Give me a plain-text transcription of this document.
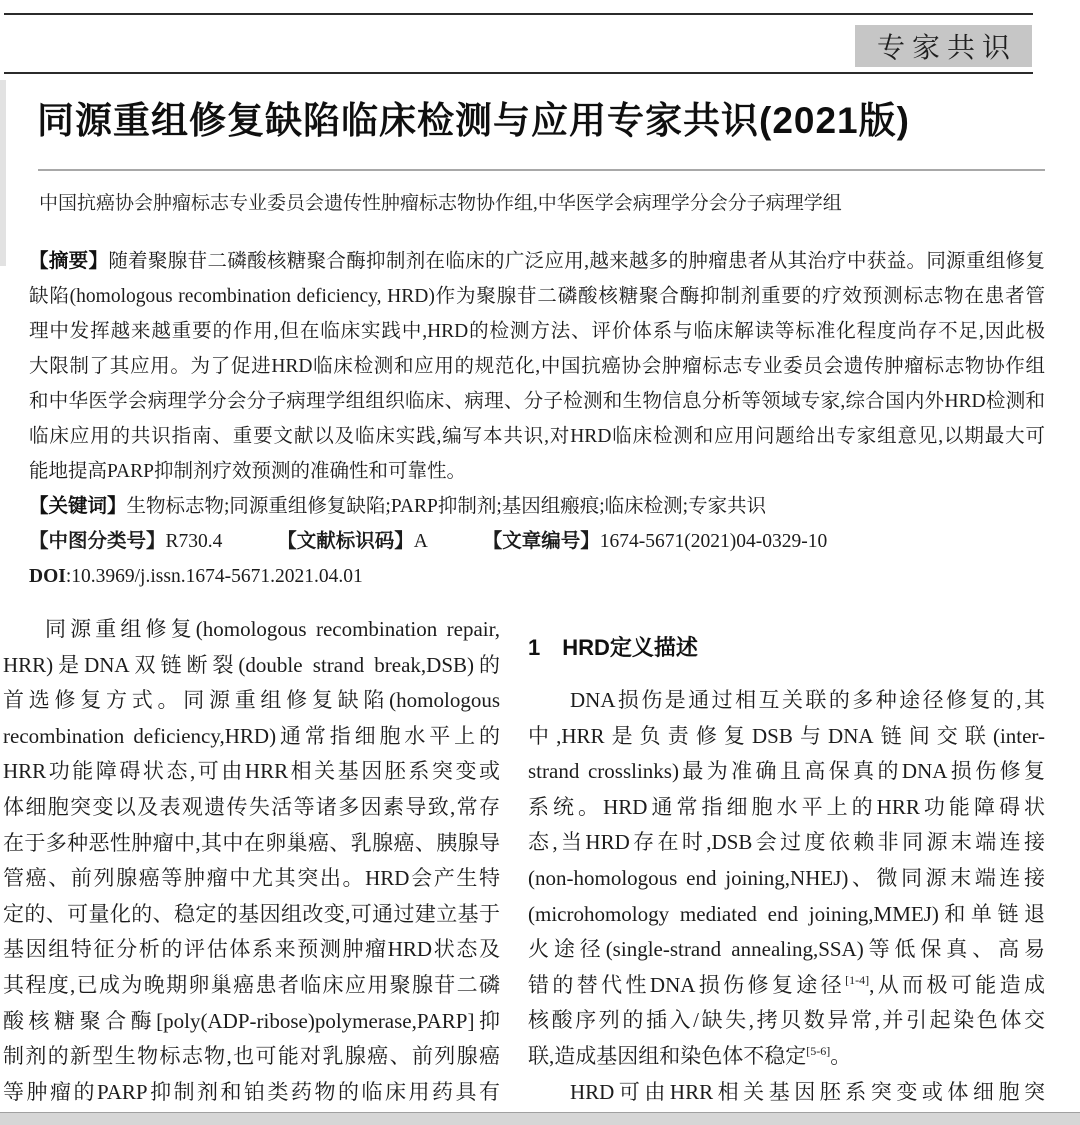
专家共识
同源重组修复缺陷临床检测与应用专家共识(2021版)
中国抗癌协会肿瘤标志专业委员会遗传性肿瘤标志物协作组,中华医学会病理学分会分子病理学组
【摘要】随着聚腺苷二磷酸核糖聚合酶抑制剂在临床的广泛应用,越来越多的肿瘤患者从其治疗中获益。同源重组修复
缺陷(homologous recombination deficiency, HRD)作为聚腺苷二磷酸核糖聚合酶抑制剂重要的疗效预测标志物在患者管
理中发挥越来越重要的作用,但在临床实践中,HRD的检测方法、评价体系与临床解读等标准化程度尚存不足,因此极
大限制了其应用。为了促进HRD临床检测和应用的规范化,中国抗癌协会肿瘤标志专业委员会遗传肿瘤标志物协作组
和中华医学会病理学分会分子病理学组组织临床、病理、分子检测和生物信息分析等领域专家,综合国内外HRD检测和
临床应用的共识指南、重要文献以及临床实践,编写本共识,对HRD临床检测和应用问题给出专家组意见,以期最大可
能地提高PARP抑制剂疗效预测的准确性和可靠性。
【关键词】生物标志物;同源重组修复缺陷;PARP抑制剂;基因组瘢痕;临床检测;专家共识
【中图分类号】R730.4	【文献标识码】A	【文章编号】1674-5671(2021)04-0329-10
DOI:10.3969/j.issn.1674-5671.2021.04.01
同源重组修复(homologous recombination repair,
HRR)是DNA双链断裂(double strand break,DSB)的
首选修复方式。同源重组修复缺陷(homologous
recombination deficiency,HRD)通常指细胞水平上的
HRR功能障碍状态,可由HRR相关基因胚系突变或
体细胞突变以及表观遗传失活等诸多因素导致,常存
在于多种恶性肿瘤中,其中在卵巢癌、乳腺癌、胰腺导
管癌、前列腺癌等肿瘤中尤其突出。HRD会产生特
定的、可量化的、稳定的基因组改变,可通过建立基于
基因组特征分析的评估体系来预测肿瘤HRD状态及
其程度,已成为晚期卵巢癌患者临床应用聚腺苷二磷
酸核糖聚合酶[poly(ADP-ribose)polymerase,PARP]抑
制剂的新型生物标志物,也可能对乳腺癌、前列腺癌
等肿瘤的PARP抑制剂和铂类药物的临床用药具有
1　HRD定义描述
DNA损伤是通过相互关联的多种途径修复的,其
中,HRR是负责修复DSB与DNA链间交联(inter-
strand crosslinks)最为准确且高保真的DNA损伤修复
系统。HRD通常指细胞水平上的HRR功能障碍状
态,当HRD存在时,DSB会过度依赖非同源末端连接
(non-homologous end joining,NHEJ)、微同源末端连接
(microhomology mediated end joining,MMEJ)和单链退
火途径(single-strand annealing,SSA)等低保真、高易
错的替代性DNA损伤修复途径[1-4],从而极可能造成
核酸序列的插入/缺失,拷贝数异常,并引起染色体交
联,造成基因组和染色体不稳定[5-6]。
HRD可由HRR相关基因胚系突变或体细胞突
